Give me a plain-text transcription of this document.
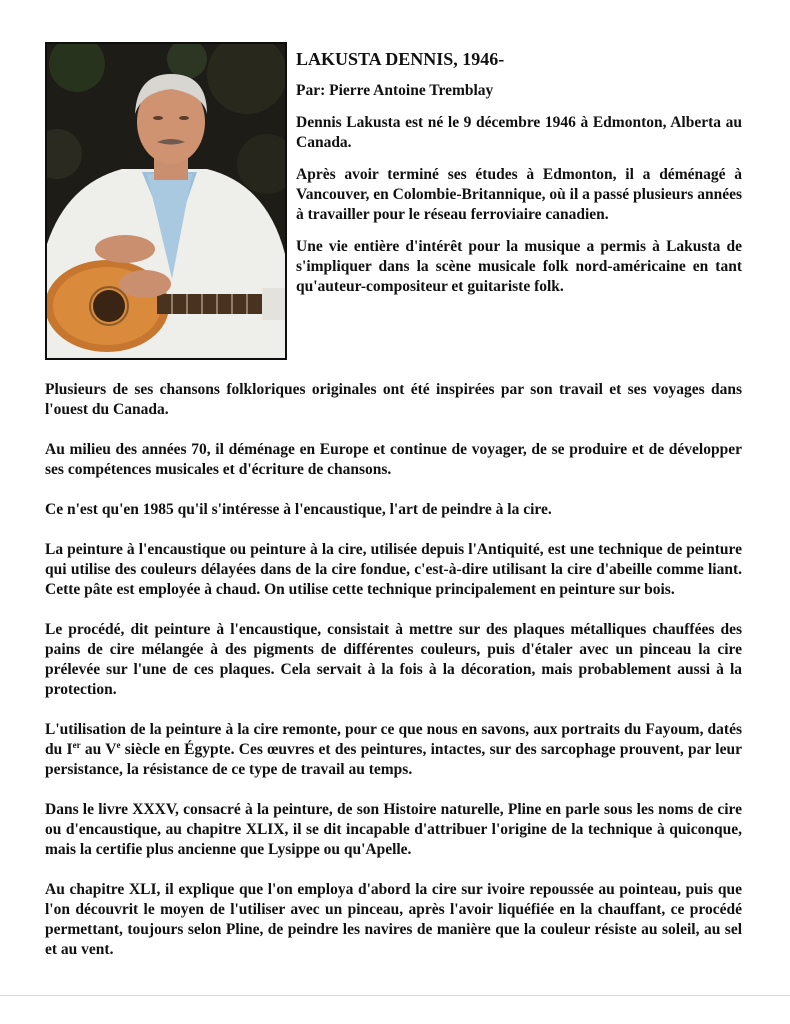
LAKUSTA DENNIS, 1946-
Par: Pierre Antoine Tremblay

Dennis Lakusta est né le 9 décembre 1946 à Edmonton, Alberta au Canada.

Après avoir terminé ses études à Edmonton, il a déménagé à Vancouver, en Colombie-Britannique, où il a passé plusieurs années à travailler pour le réseau ferroviaire canadien.

Une vie entière d'intérêt pour la musique a permis à Lakusta de s'impliquer dans la scène musicale folk nord-américaine en tant qu'auteur-compositeur et guitariste folk.

Plusieurs de ses chansons folkloriques originales ont été inspirées par son travail et ses voyages dans l'ouest du Canada.

Au milieu des années 70, il déménage en Europe et continue de voyager, de se produire et de développer ses compétences musicales et d'écriture de chansons.

Ce n'est qu'en 1985 qu'il s'intéresse à l'encaustique, l'art de peindre à la cire.

La peinture à l'encaustique ou peinture à la cire, utilisée depuis l'Antiquité, est une technique de peinture qui utilise des couleurs délayées dans de la cire fondue, c'est-à-dire utilisant la cire d'abeille comme liant. Cette pâte est employée à chaud. On utilise cette technique principalement en peinture sur bois.

Le procédé, dit peinture à l'encaustique, consistait à mettre sur des plaques métalliques chauffées des pains de cire mélangée à des pigments de différentes couleurs, puis d'étaler avec un pinceau la cire prélevée sur l'une de ces plaques. Cela servait à la fois à la décoration, mais probablement aussi à la protection.

L'utilisation de la peinture à la cire remonte, pour ce que nous en savons, aux portraits du Fayoum, datés du Ier au Ve siècle en Égypte. Ces œuvres et des peintures, intactes, sur des sarcophage prouvent, par leur persistance, la résistance de ce type de travail au temps.

Dans le livre XXXV, consacré à la peinture, de son Histoire naturelle, Pline en parle sous les noms de cire ou d'encaustique, au chapitre XLIX, il se dit incapable d'attribuer l'origine de la technique à quiconque, mais la certifie plus ancienne que Lysippe ou qu'Apelle.

Au chapitre XLI, il explique que l'on employa d'abord la cire sur ivoire repoussée au pointeau, puis que l'on découvrit le moyen de l'utiliser avec un pinceau, après l'avoir liquéfiée en la chauffant, ce procédé permettant, toujours selon Pline, de peindre les navires de manière que la couleur résiste au soleil, au sel et au vent.
